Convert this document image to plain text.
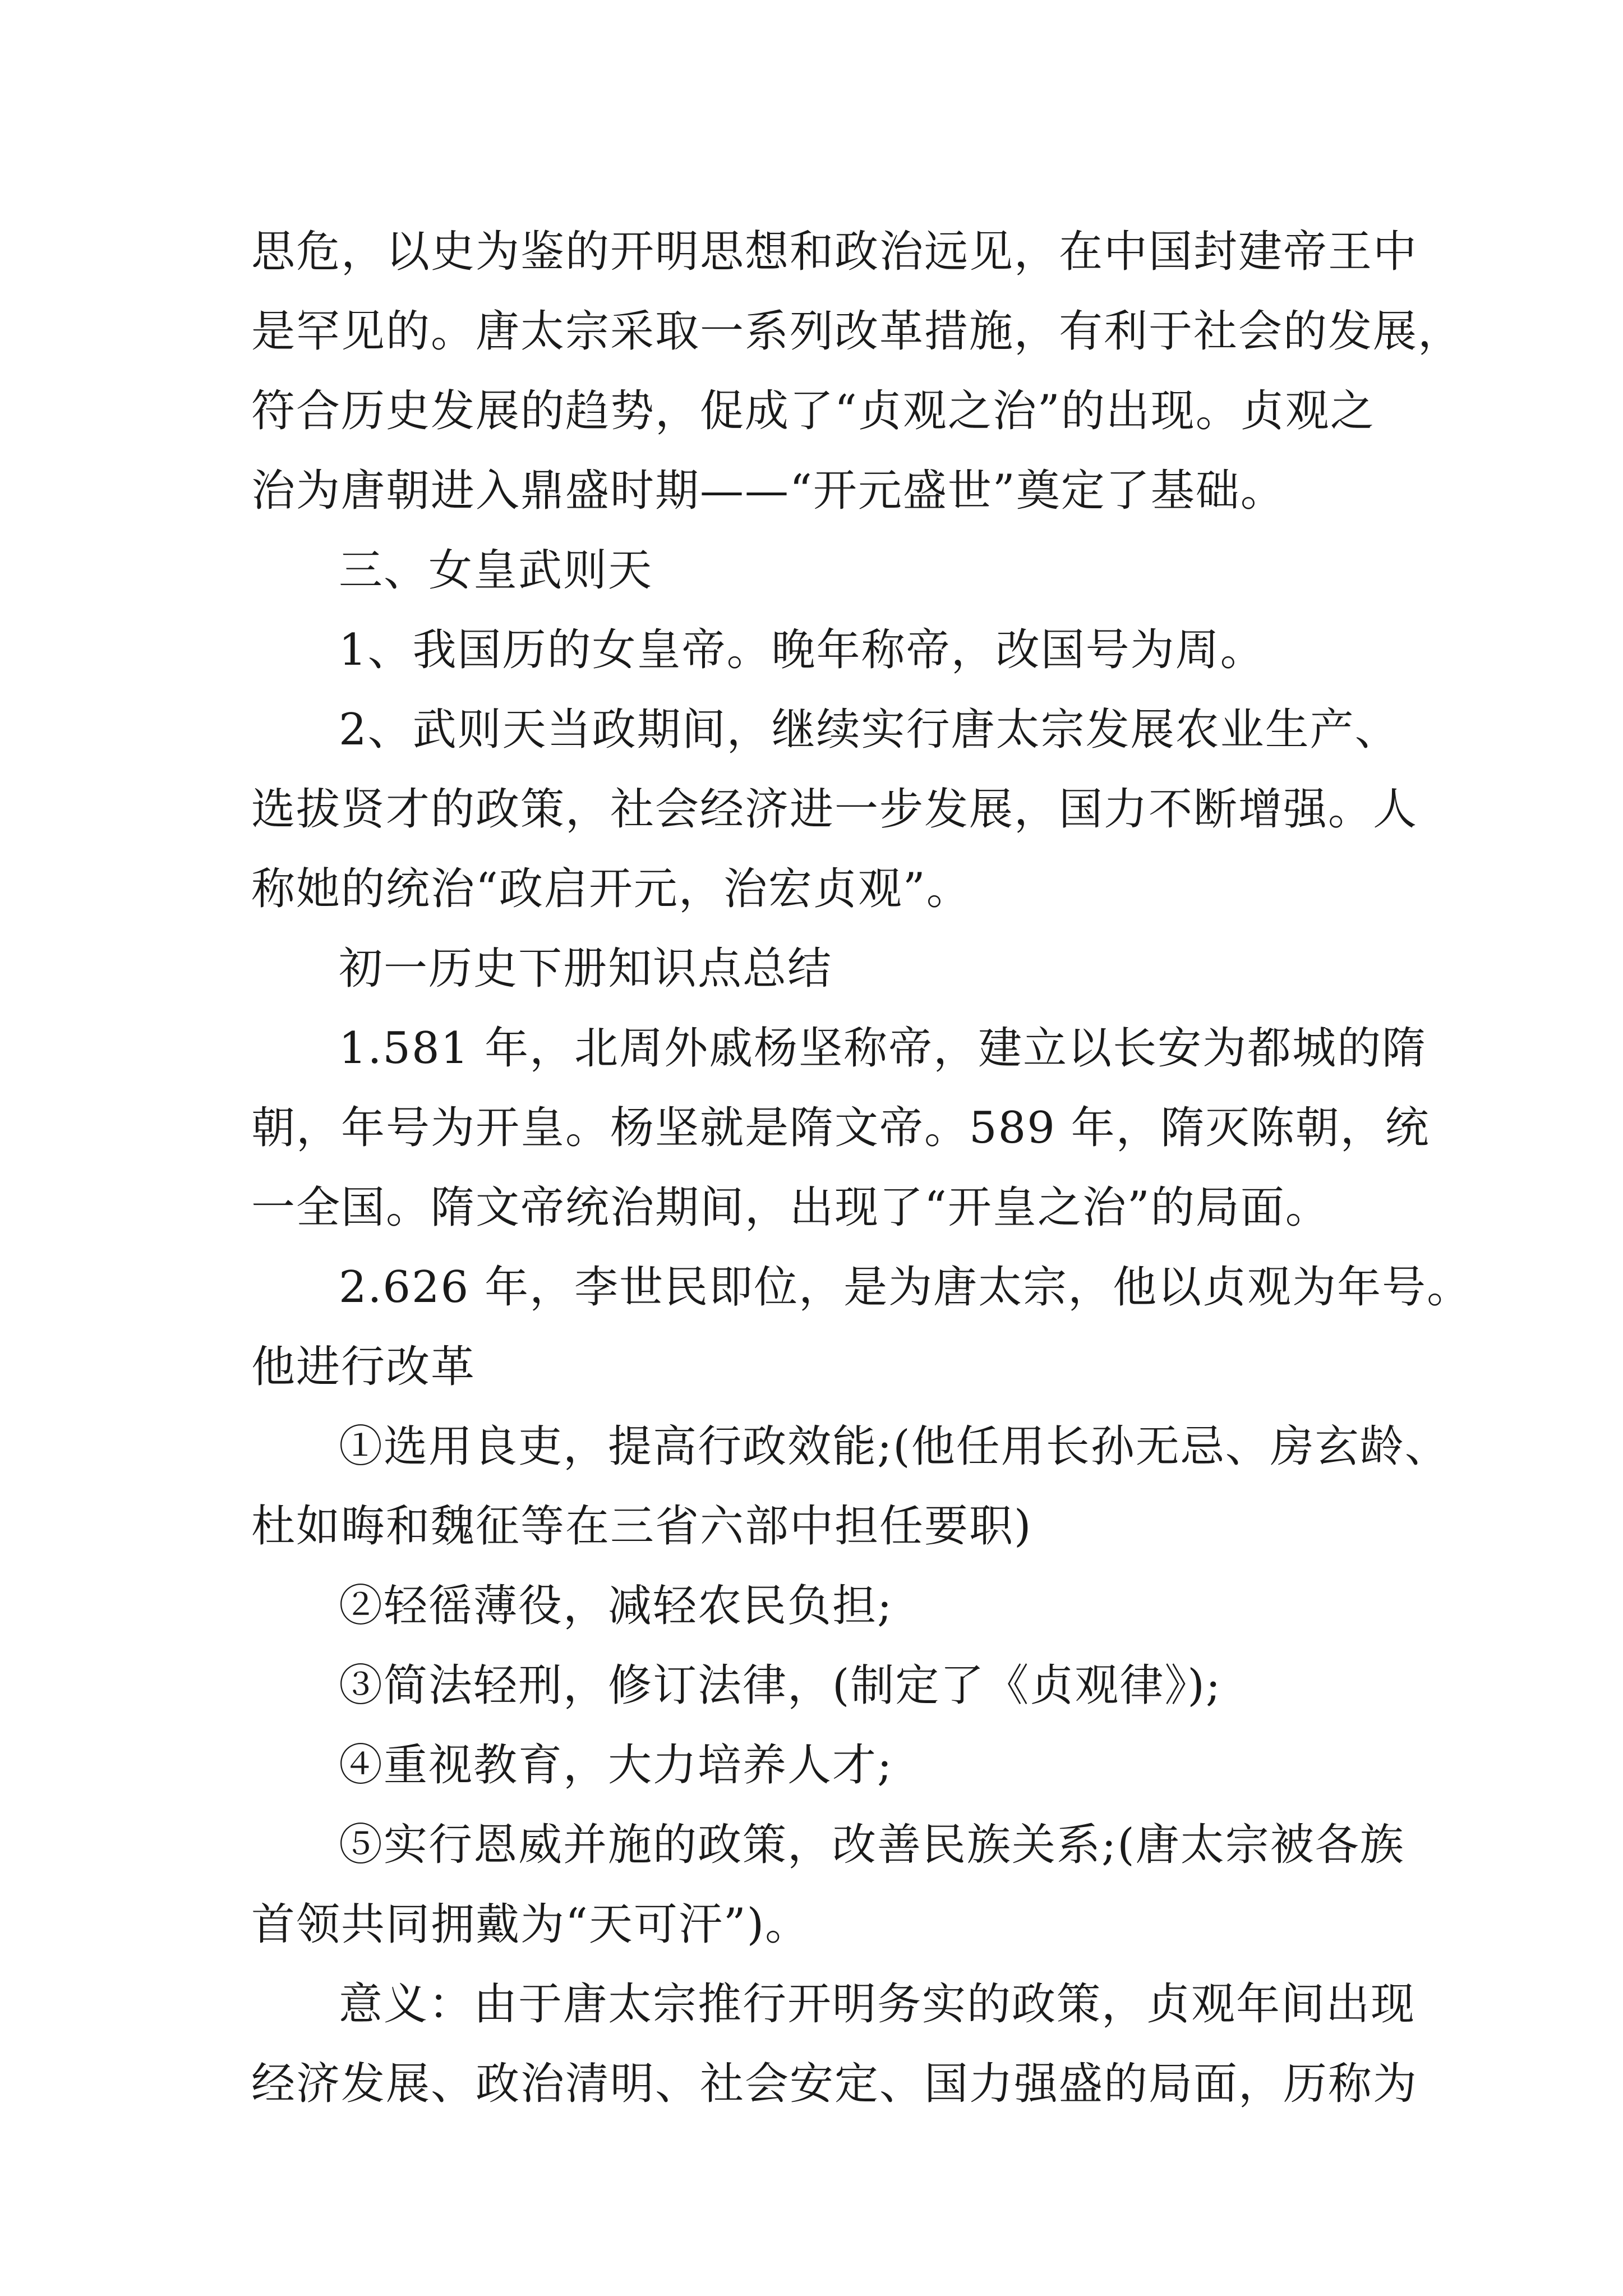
思危，以史为鉴的开明思想和政治远见，在中国封建帝王中
是罕见的。唐太宗采取一系列改革措施，有利于社会的发展，
符合历史发展的趋势，促成了“贞观之治”的出现。贞观之
治为唐朝进入鼎盛时期——“开元盛世”奠定了基础。
三、女皇武则天
1、我国历的女皇帝。晚年称帝，改国号为周。
2、武则天当政期间，继续实行唐太宗发展农业生产、
选拔贤才的政策，社会经济进一步发展，国力不断增强。人
称她的统治“政启开元，治宏贞观”。
初一历史下册知识点总结
1.581 年，北周外戚杨坚称帝，建立以长安为都城的隋
朝，年号为开皇。杨坚就是隋文帝。589 年，隋灭陈朝，统
一全国。隋文帝统治期间，出现了“开皇之治”的局面。
2.626 年，李世民即位，是为唐太宗，他以贞观为年号。
他进行改革
①选用良吏，提高行政效能;(他任用长孙无忌、房玄龄、
杜如晦和魏征等在三省六部中担任要职)
②轻徭薄役，减轻农民负担;
③简法轻刑，修订法律，(制定了《贞观律》);
④重视教育，大力培养人才;
⑤实行恩威并施的政策，改善民族关系;(唐太宗被各族
首领共同拥戴为“天可汗”)。
意义：由于唐太宗推行开明务实的政策，贞观年间出现
经济发展、政治清明、社会安定、国力强盛的局面，历称为
